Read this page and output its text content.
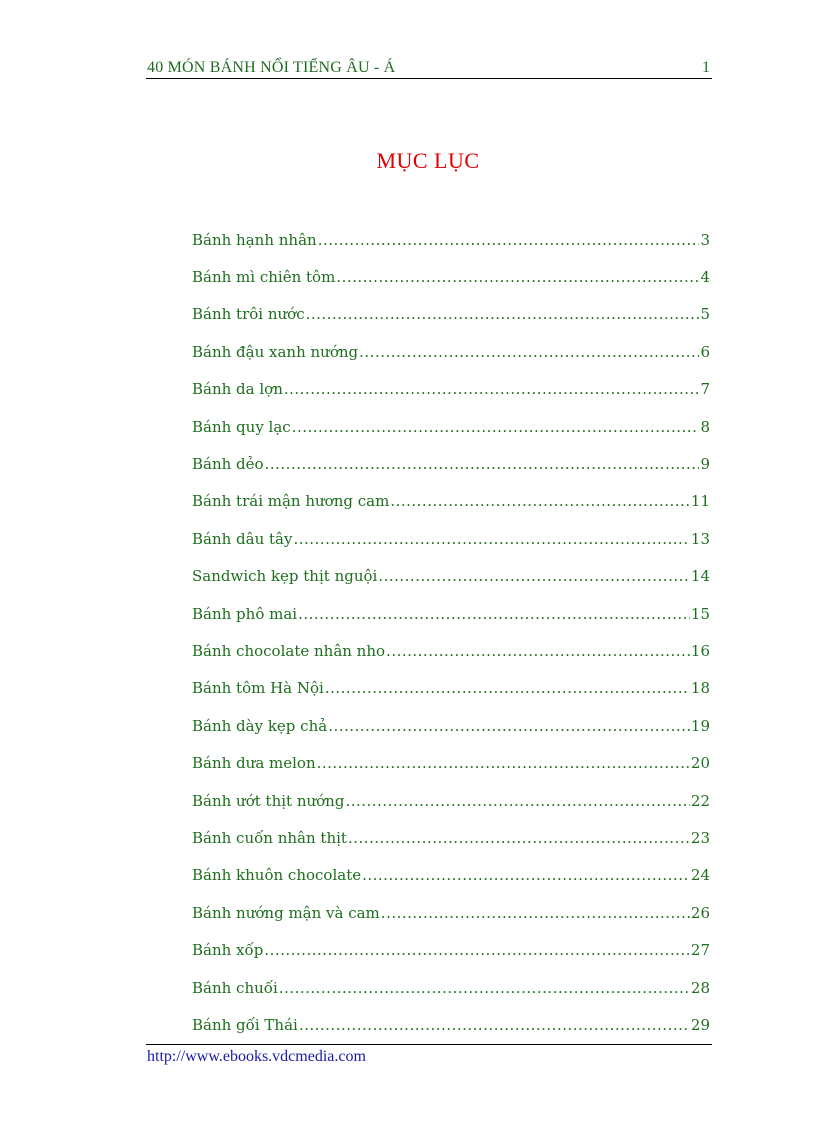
40 MÓN BÁNH NỔI TIẾNG ÂU - Á	1
MỤC LỤC
Bánh hạnh nhân .....	3
Bánh mì chiên tôm .....	4
Bánh trôi nước .....	5
Bánh đậu xanh nướng .....	6
Bánh da lợn .....	7
Bánh quy lạc .....	8
Bánh dẻo .....	9
Bánh trái mận hương cam .....	11
Bánh dâu tây .....	13
Sandwich kẹp thịt nguội .....	14
Bánh phô mai .....	15
Bánh chocolate nhân nho .....	16
Bánh tôm Hà Nội .....	18
Bánh dày kẹp chả .....	19
Bánh dưa melon .....	20
Bánh ướt thịt nướng .....	22
Bánh cuốn nhân thịt .....	23
Bánh khuôn chocolate .....	24
Bánh nướng mận và cam .....	26
Bánh xốp .....	27
Bánh chuối .....	28
Bánh gối Thái .....	29
http://www.ebooks.vdcmedia.com
